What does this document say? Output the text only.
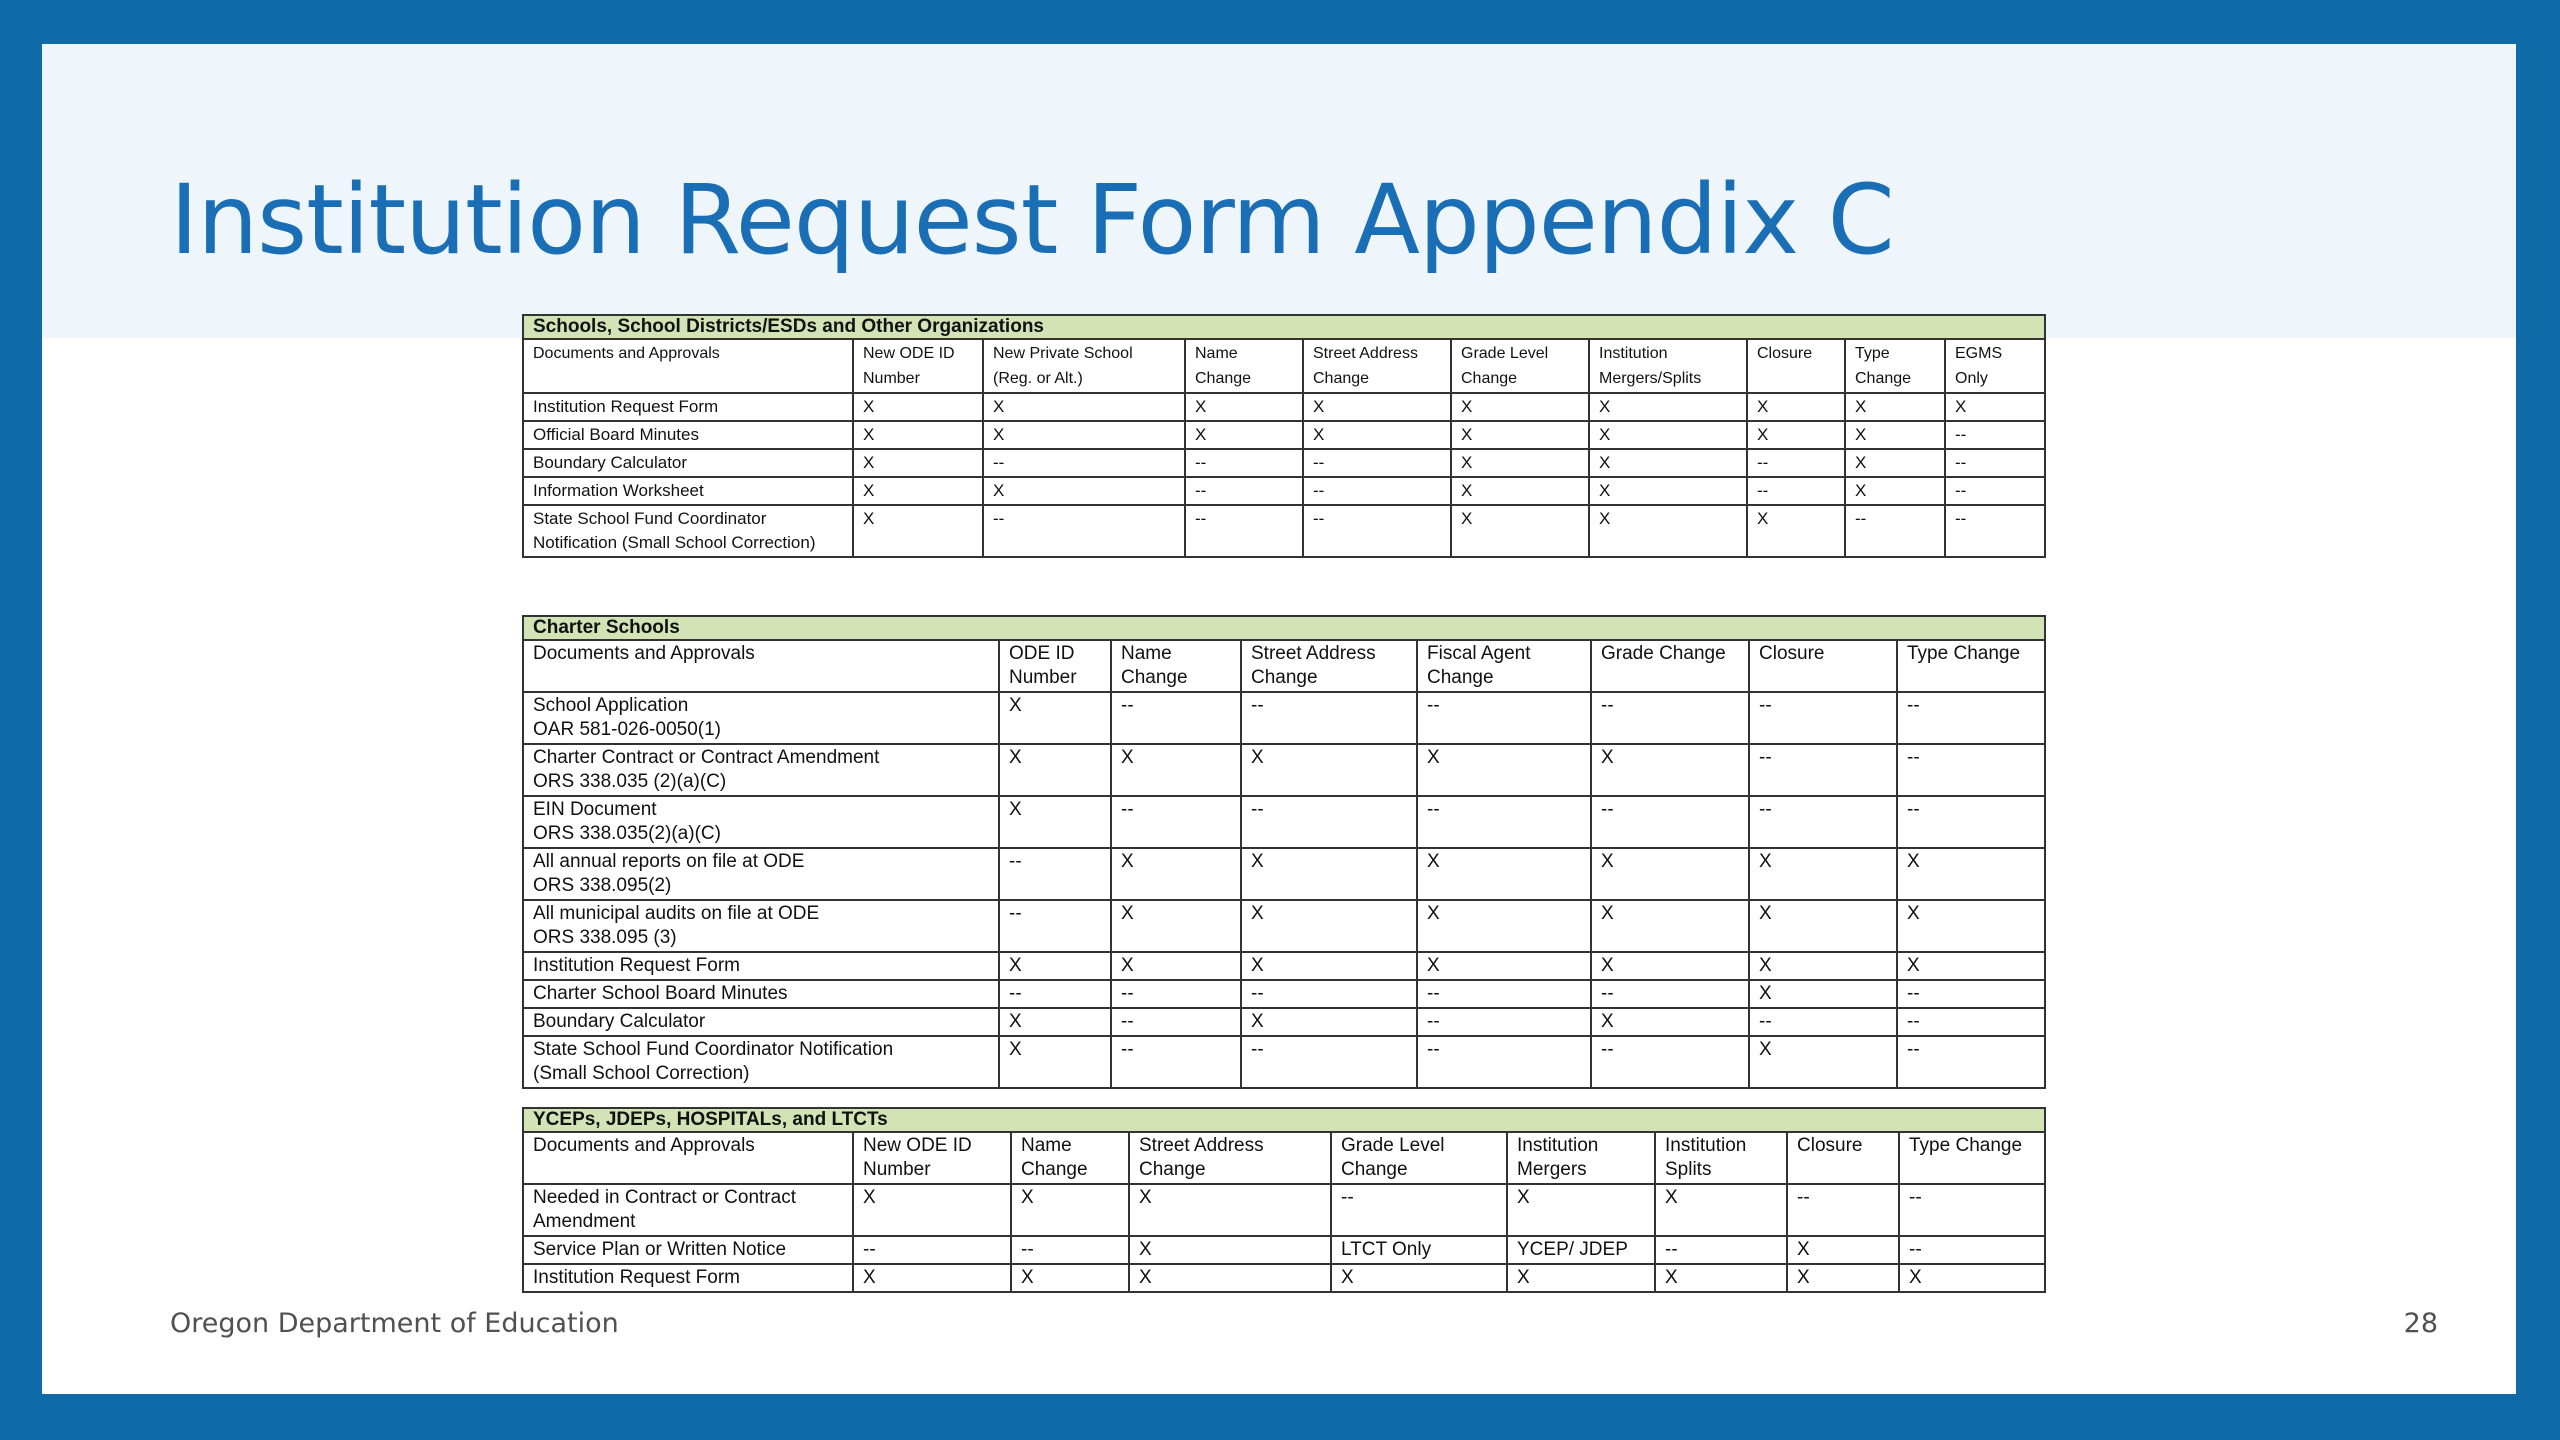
Institution Request Form Appendix C
Schools, School Districts/ESDs and Other Organizations									
Documents and Approvals	New ODE ID Number	New Private School (Reg. or Alt.)	Name Change	Street Address Change	Grade Level Change	Institution Mergers/Splits	Closure	Type Change	EGMS Only
Institution Request Form	X	X	X	X	X	X	X	X	X
Official Board Minutes	X	X	X	X	X	X	X	X	--
Boundary Calculator	X	--	--	--	X	X	--	X	--
Information Worksheet	X	X	--	--	X	X	--	X	--
State School Fund Coordinator Notification (Small School Correction)	X	--	--	--	X	X	X	--	--
Charter Schools							
Documents and Approvals	ODE ID Number	Name Change	Street Address Change	Fiscal Agent Change	Grade Change	Closure	Type Change
School Application
OAR 581-026-0050(1)	X	--	--	--	--	--	--
Charter Contract or Contract Amendment
ORS 338.035 (2)(a)(C)	X	X	X	X	X	--	--
EIN Document
ORS 338.035(2)(a)(C)	X	--	--	--	--	--	--
All annual reports on file at ODE
ORS 338.095(2)	--	X	X	X	X	X	X
All municipal audits on file at ODE
ORS 338.095 (3)	--	X	X	X	X	X	X
Institution Request Form	X	X	X	X	X	X	X
Charter School Board Minutes	--	--	--	--	--	X	--
Boundary Calculator	X	--	X	--	X	--	--
State School Fund Coordinator Notification
(Small School Correction)	X	--	--	--	--	X	--
YCEPs, JDEPs, HOSPITALs, and LTCTs								
Documents and Approvals	New ODE ID Number	Name Change	Street Address Change	Grade Level Change	Institution Mergers	Institution Splits	Closure	Type Change
Needed in Contract or Contract Amendment	X	X	X	--	X	X	--	--
Service Plan or Written Notice	--	--	X	LTCT Only	YCEP/ JDEP	--	X	--
Institution Request Form	X	X	X	X	X	X	X	X
Oregon Department of Education	28
